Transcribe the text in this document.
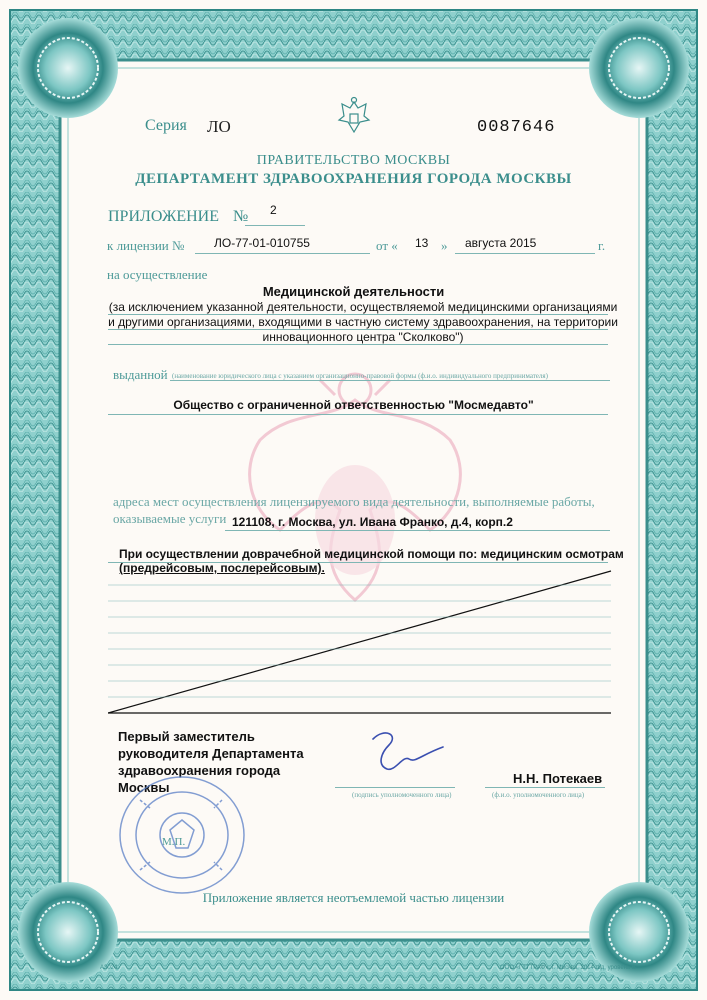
Серия ЛО	0087646
ПРАВИТЕЛЬСТВО МОСКВЫ
ДЕПАРТАМЕНТ ЗДРАВООХРАНЕНИЯ ГОРОДА МОСКВЫ
ПРИЛОЖЕНИЕ № 2
к лицензии № ЛО-77-01-010755	от « 13 » августа 2015	г.
на осуществление
Медицинской деятельности
(за исключением указанной деятельности, осуществляемой медицинскими организациями и другими организациями, входящими в частную систему здравоохранения, на территории инновационного центра "Сколково")
выданной (наименование юридического лица с указанием организационно-правовой формы (ф.и.о. индивидуального предпринимателя)
Общество с ограниченной ответственностью "Мосмедавто"
адреса мест осуществления лицензируемого вида деятельности, выполняемые работы,
оказываемые услуги 121108, г. Москва, ул. Ивана Франко, д.4, корп.2
При осуществлении доврачебной медицинской помощи по: медицинским осмотрам
(предрейсовым, послерейсовым).
Первый заместитель
руководителя Департамента
здравоохранения города
Москвы	(подпись уполномоченного лица)
Н.Н. Потекаев
(ф.и.о. уполномоченного лица)
М.П.
Приложение является неотъемлемой частью лицензии
А3024	ООО «ГТТТРАФ», г. Москва, 2014 год, уровень В
